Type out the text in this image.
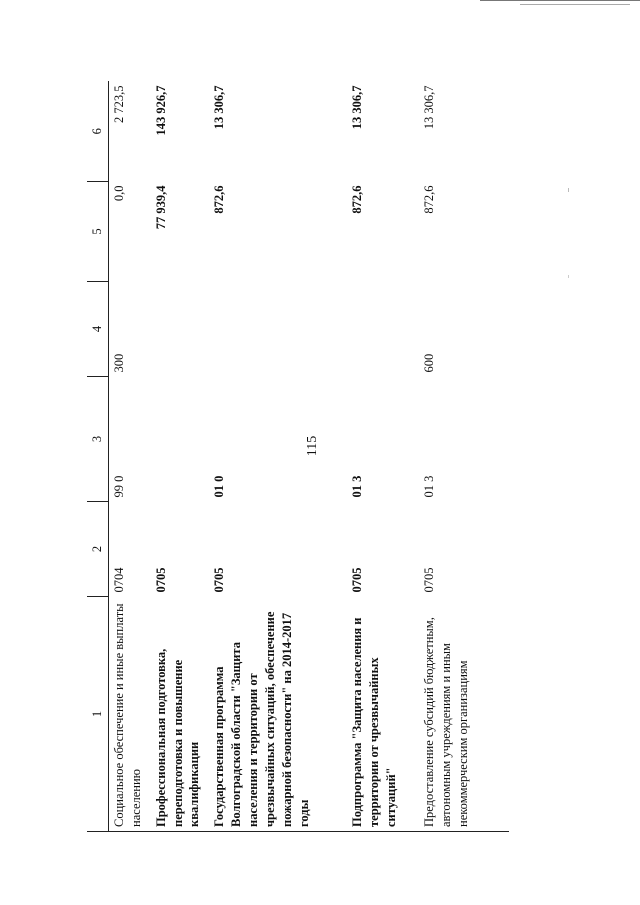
115
1	2	3	4	5	6
Социальное обеспечение и иные выплаты населению	0704	99 0	300	0,0	2 723,5
Профессиональная подготовка, переподготовка и повышение квалификации	0705			77 939,4	143 926,7
Государственная программа Волгоградской области "Защита населения и территории от чрезвычайных ситуаций, обеспечение пожарной безопасности" на 2014-2017 годы	0705	01 0		872,6	13 306,7
Подпрограмма "Защита населения и территории от чрезвычайных ситуаций"	0705	01 3		872,6	13 306,7
Предоставление субсидий бюджетным, автономным учреждениям и иным некоммерческим организациям	0705	01 3	600	872,6	13 306,7
